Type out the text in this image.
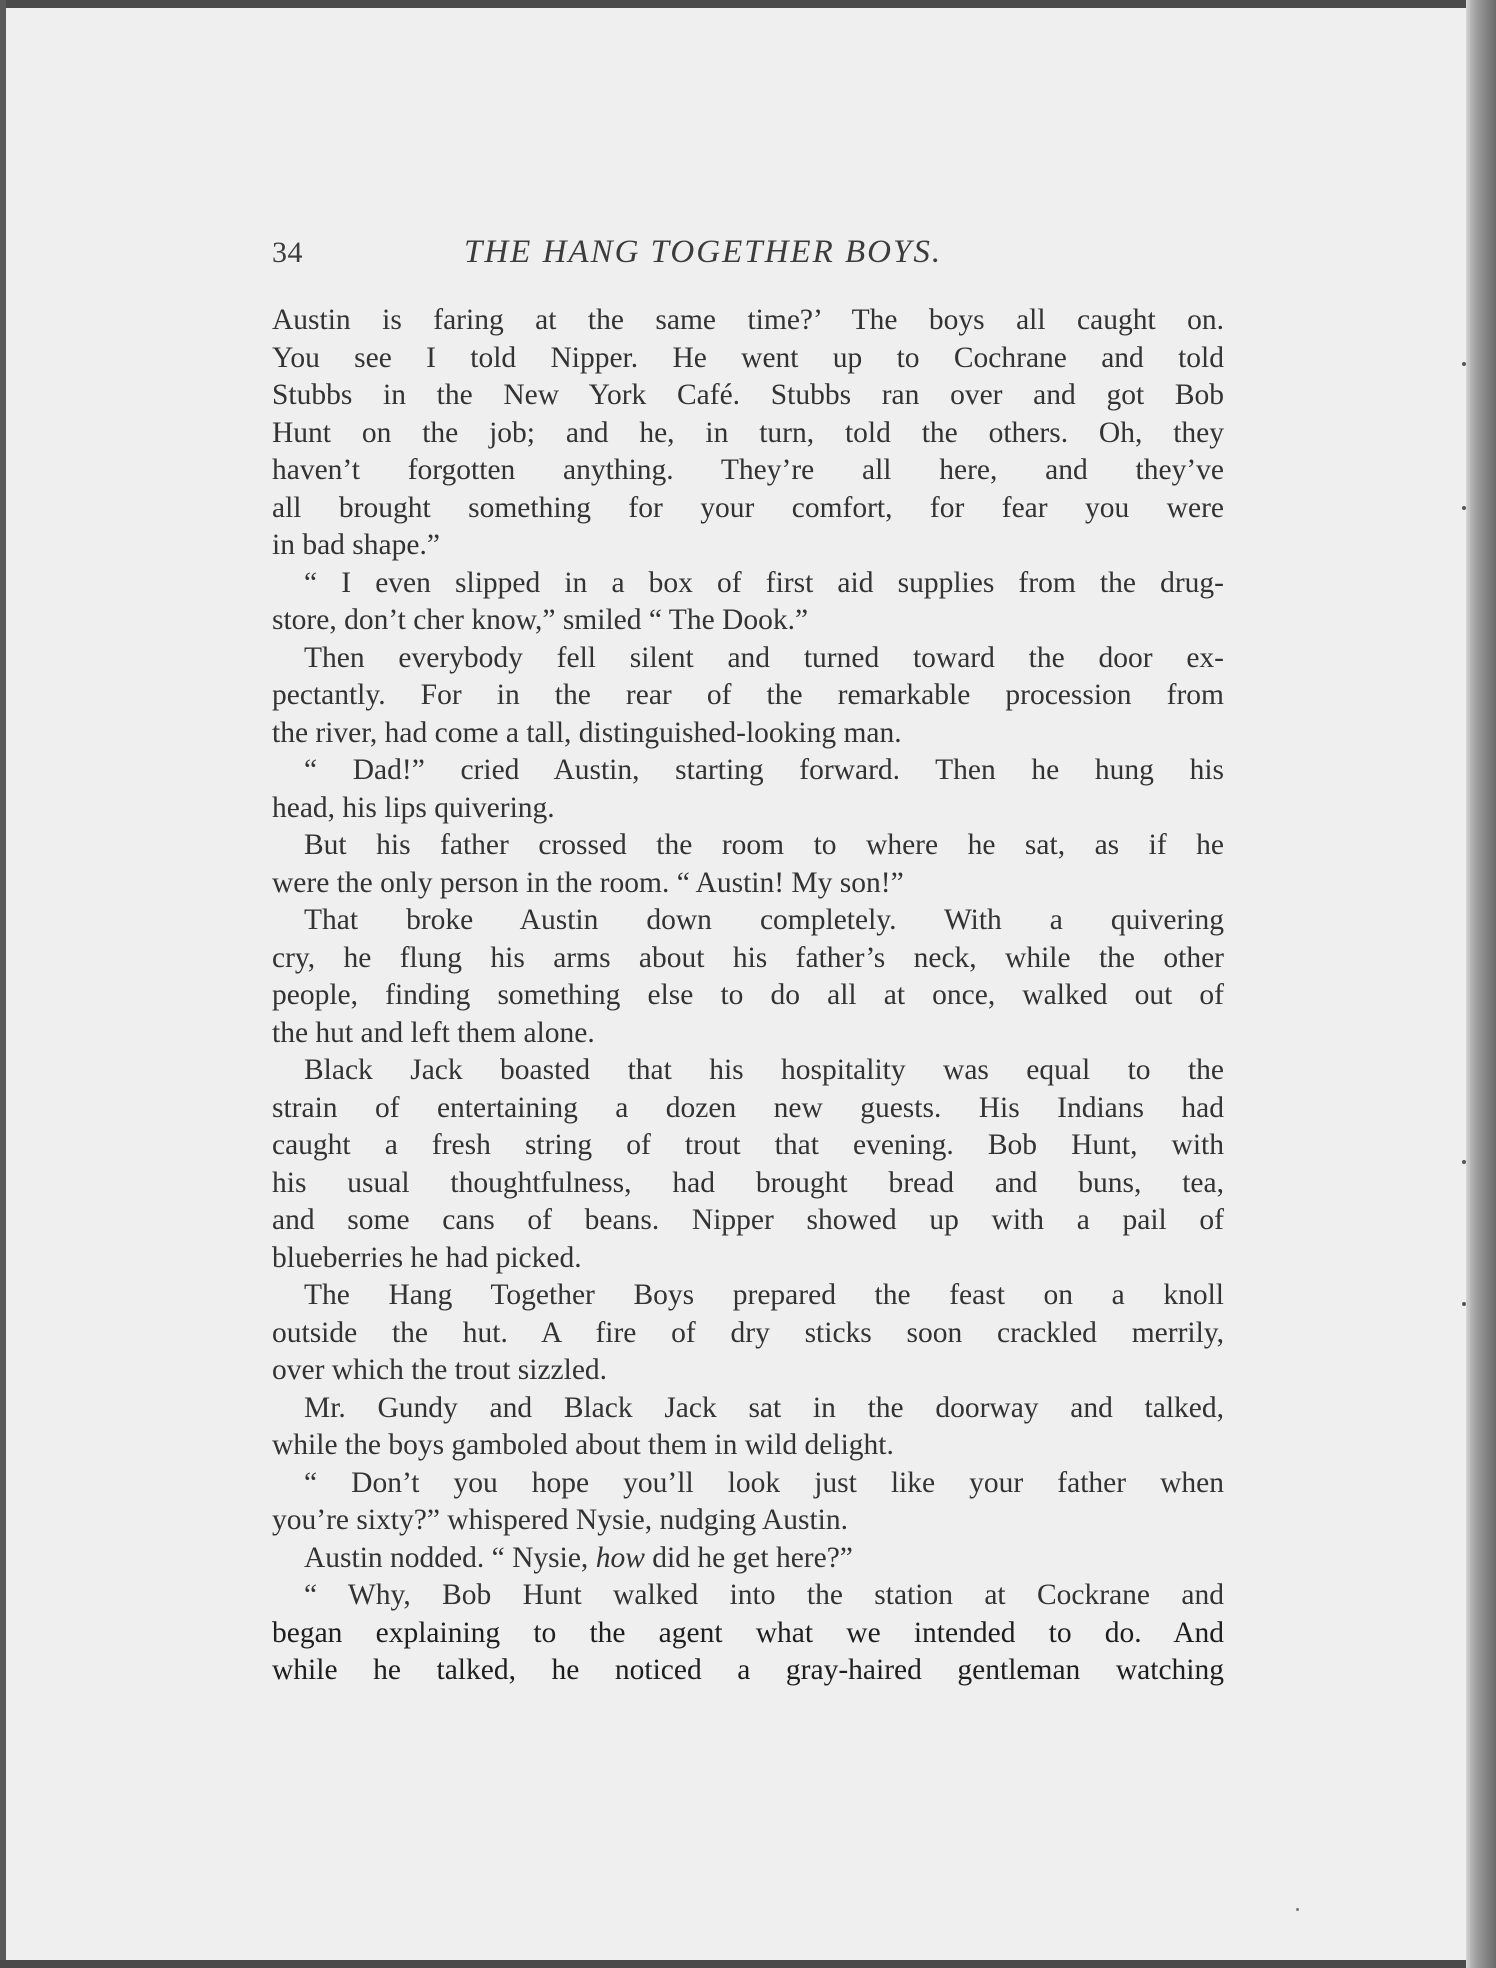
34	THE HANG TOGETHER BOYS.
Austin is faring at the same time?’ The boys all caught on.
You see I told Nipper. He went up to Cochrane and told
Stubbs in the New York Café. Stubbs ran over and got Bob
Hunt on the job; and he, in turn, told the others. Oh, they
haven’t forgotten anything. They’re all here, and they’ve
all brought something for your comfort, for fear you were
in bad shape.”
“ I even slipped in a box of first aid supplies from the drug-
store, don’t cher know,” smiled “ The Dook.”
Then everybody fell silent and turned toward the door ex-
pectantly. For in the rear of the remarkable procession from
the river, had come a tall, distinguished-looking man.
“ Dad!” cried Austin, starting forward. Then he hung his
head, his lips quivering.
But his father crossed the room to where he sat, as if he
were the only person in the room. “ Austin! My son!”
That broke Austin down completely. With a quivering
cry, he flung his arms about his father’s neck, while the other
people, finding something else to do all at once, walked out of
the hut and left them alone.
Black Jack boasted that his hospitality was equal to the
strain of entertaining a dozen new guests. His Indians had
caught a fresh string of trout that evening. Bob Hunt, with
his usual thoughtfulness, had brought bread and buns, tea,
and some cans of beans. Nipper showed up with a pail of
blueberries he had picked.
The Hang Together Boys prepared the feast on a knoll
outside the hut. A fire of dry sticks soon crackled merrily,
over which the trout sizzled.
Mr. Gundy and Black Jack sat in the doorway and talked,
while the boys gamboled about them in wild delight.
“ Don’t you hope you’ll look just like your father when
you’re sixty?” whispered Nysie, nudging Austin.
Austin nodded. “ Nysie, how did he get here?”
“ Why, Bob Hunt walked into the station at Cockrane and
began explaining to the agent what we intended to do. And
while he talked, he noticed a gray-haired gentleman watching
